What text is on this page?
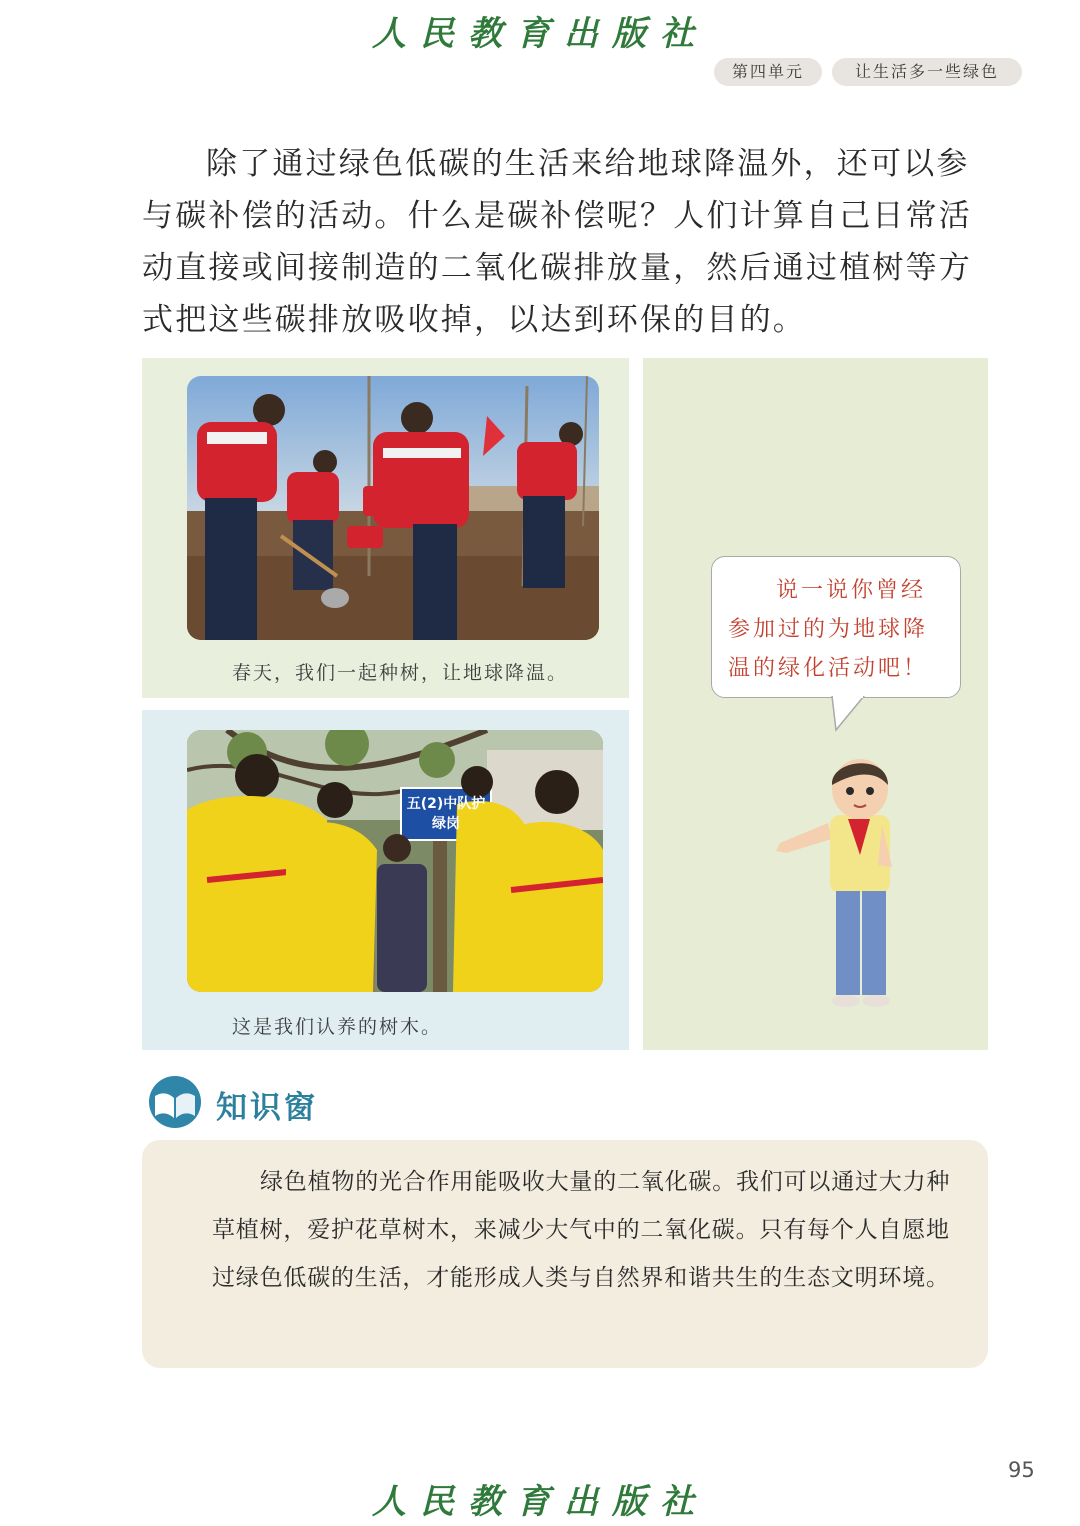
人民教育出版社
第四单元	让生活多一些绿色

除了通过绿色低碳的生活来给地球降温外，还可以参与碳补偿的活动。什么是碳补偿呢？人们计算自己日常活动直接或间接制造的二氧化碳排放量，然后通过植树等方式把这些碳排放吸收掉，以达到环保的目的。

春天，我们一起种树，让地球降温。
五(2)中队护绿岗
这是我们认养的树木。

说一说你曾经参加过的为地球降温的绿化活动吧！

知识窗

绿色植物的光合作用能吸收大量的二氧化碳。我们可以通过大力种草植树，爱护花草树木，来减少大气中的二氧化碳。只有每个人自愿地过绿色低碳的生活，才能形成人类与自然界和谐共生的生态文明环境。

95
人民教育出版社
